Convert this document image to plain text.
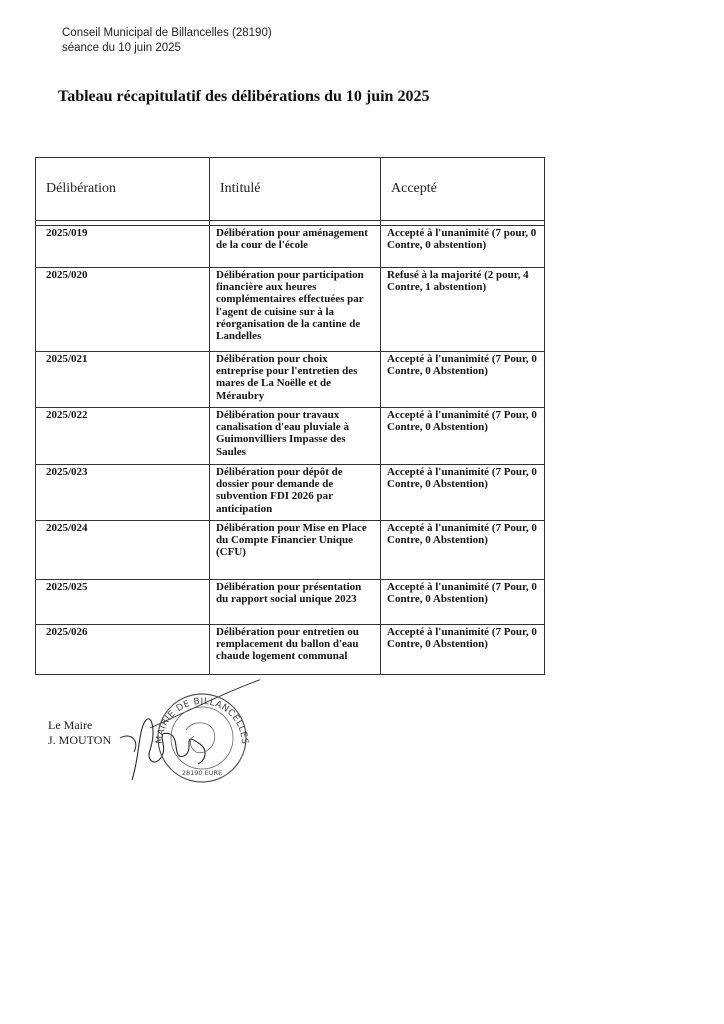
Conseil Municipal de Billancelles (28190)
séance du 10 juin 2025
Tableau récapitulatif des délibérations du 10 juin 2025
Délibération	Intitulé	Accepté

2025/019	Délibération pour aménagement de la cour de l'école	Accepté à l'unanimité (7 pour, 0 Contre, 0 abstention)
2025/020	Délibération pour participation financière aux heures complémentaires effectuées par l'agent de cuisine sur à la réorganisation de la cantine de Landelles	Refusé à la majorité (2 pour, 4 Contre, 1 abstention)
2025/021	Délibération pour choix entreprise pour l'entretien des mares de La Noëlle et de Méraubry	Accepté à l'unanimité (7 Pour, 0 Contre, 0 Abstention)
2025/022	Délibération pour travaux canalisation d'eau pluviale à Guimonvilliers Impasse des Saules	Accepté à l'unanimité (7 Pour, 0 Contre, 0 Abstention)
2025/023	Délibération pour dépôt de dossier pour demande de subvention FDI 2026 par anticipation	Accepté à l'unanimité (7 Pour, 0 Contre, 0 Abstention)
2025/024	Délibération pour Mise en Place du Compte Financier Unique (CFU)	Accepté à l'unanimité (7 Pour, 0 Contre, 0 Abstention)
2025/025	Délibération pour présentation du rapport social unique 2023	Accepté à l'unanimité (7 Pour, 0 Contre, 0 Abstention)
2025/026	Délibération pour entretien ou remplacement du ballon d'eau chaude logement communal	Accepté à l'unanimité (7 Pour, 0 Contre, 0 Abstention)
Le Maire
J. MOUTON	MAIRIE DE BILLANCELLES
28190 EURE
